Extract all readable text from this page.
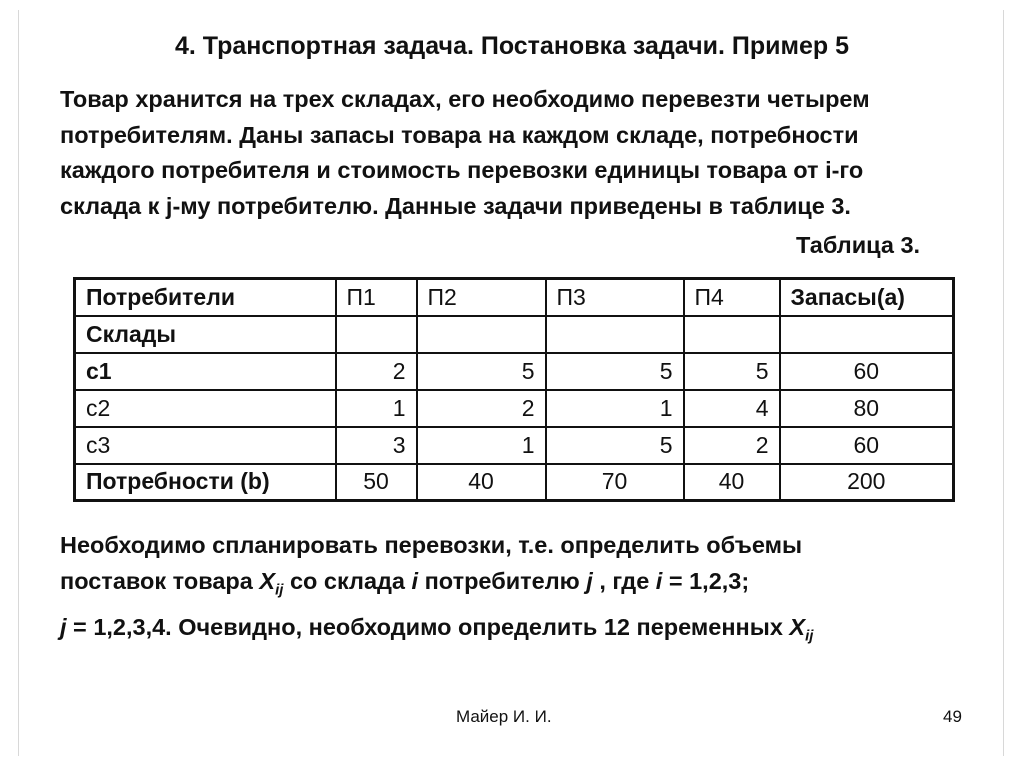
4. Транспортная задача. Постановка задачи. Пример 5
Товар хранится на трех складах, его необходимо перевезти четырем
потребителям. Даны запасы товара на каждом складе, потребности
каждого потребителя и стоимость перевозки единицы товара от i-го
склада к j-му потребителю. Данные задачи приведены в таблице 3.
Таблица 3.
Потребители	П1	П2	П3	П4	Запасы(а)
Склады					
с1	2	5	5	5	60
с2	1	2	1	4	80
с3	3	1	5	2	60
Потребности (b)	50	40	70	40	200
Необходимо спланировать перевозки, т.е. определить объемы
поставок товара $X_{ij}$ со склада i потребителю j , где i = 1,2,3;
j = 1,2,3,4. Очевидно, необходимо определить 12 переменных $X_{ij}$
Майер И. И.	49
